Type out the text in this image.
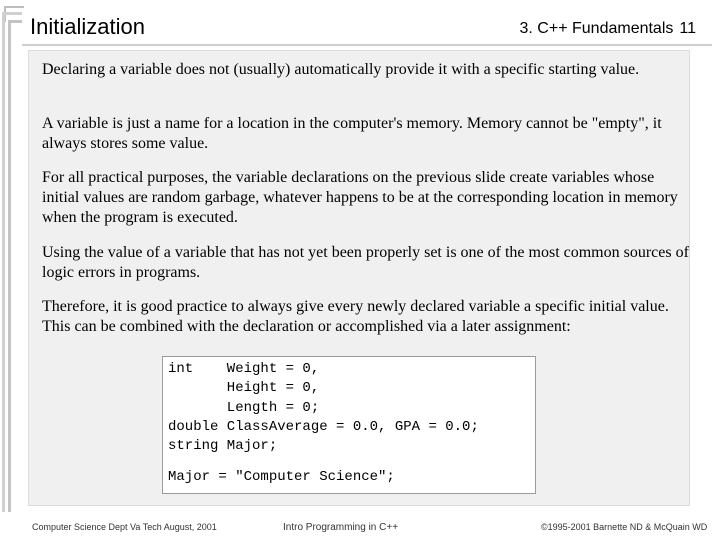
Initialization	3. C++ Fundamentals 11
Declaring a variable does not (usually) automatically provide it with a specific starting value.
A variable is just a name for a location in the computer's memory. Memory cannot be "empty", it always stores some value.
For all practical purposes, the variable declarations on the previous slide create variables whose initial values are random garbage, whatever happens to be at the corresponding location in memory when the program is executed.
Using the value of a variable that has not yet been properly set is one of the most common sources of logic errors in programs.
Therefore, it is good practice to always give every newly declared variable a specific initial value. This can be combined with the declaration or accomplished via a later assignment:
int    Weight = 0,
Height = 0,
Length = 0;
double ClassAverage = 0.0, GPA = 0.0;
string Major;
Major = "Computer Science";
Computer Science Dept Va Tech August, 2001	Intro Programming in C++	©1995-2001 Barnette ND & McQuain WD
